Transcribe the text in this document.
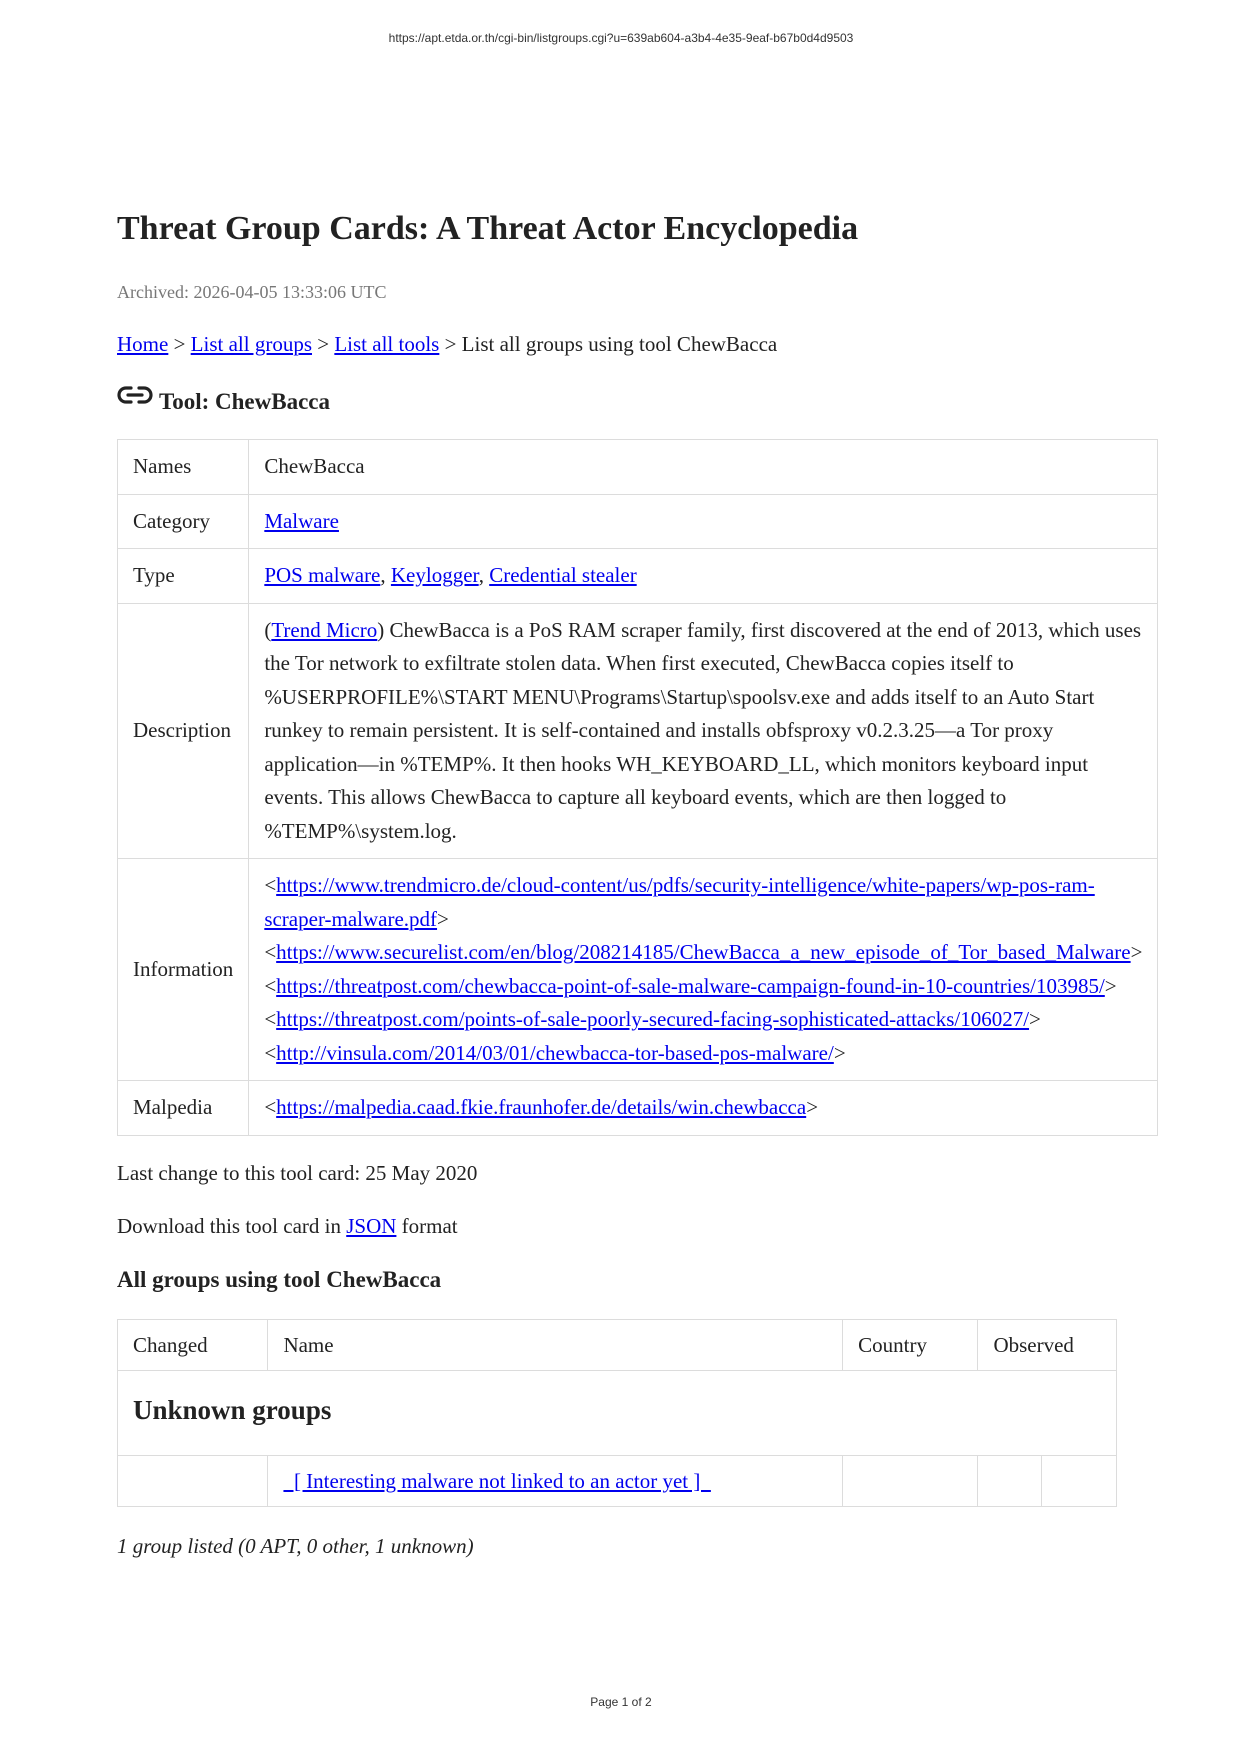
https://apt.etda.or.th/cgi-bin/listgroups.cgi?u=639ab604-a3b4-4e35-9eaf-b67b0d4d9503
Threat Group Cards: A Threat Actor Encyclopedia
Archived: 2026-04-05 13:33:06 UTC
Home > List all groups > List all tools > List all groups using tool ChewBacca
Tool: ChewBacca
Names	ChewBacca
Category	Malware
Type	POS malware, Keylogger, Credential stealer
Description	(Trend Micro) ChewBacca is a PoS RAM scraper family, first discovered at the end of 2013, which uses the Tor network to exfiltrate stolen data. When first executed, ChewBacca copies itself to %USERPROFILE%\START MENU\Programs\Startup\spoolsv.exe and adds itself to an Auto Start runkey to remain persistent. It is self-contained and installs obfsproxy v0.2.3.25—a Tor proxy application—in %TEMP%. It then hooks WH_KEYBOARD_LL, which monitors keyboard input events. This allows ChewBacca to capture all keyboard events, which are then logged to %TEMP%\system.log.
Information	<https://www.trendmicro.de/cloud-content/us/pdfs/security-intelligence/white-papers/wp-pos-ram-scraper-malware.pdf>
<https://www.securelist.com/en/blog/208214185/ChewBacca_a_new_episode_of_Tor_based_Malware>
<https://threatpost.com/chewbacca-point-of-sale-malware-campaign-found-in-10-countries/103985/>
<https://threatpost.com/points-of-sale-poorly-secured-facing-sophisticated-attacks/106027/>
<http://vinsula.com/2014/03/01/chewbacca-tor-based-pos-malware/>
Malpedia	<https://malpedia.caad.fkie.fraunhofer.de/details/win.chewbacca>
Last change to this tool card: 25 May 2020
Download this tool card in JSON format
All groups using tool ChewBacca
Changed	Name	Country	Observed	
Unknown groups				
	[ Interesting malware not linked to an actor yet ]			
1 group listed (0 APT, 0 other, 1 unknown)
Page 1 of 2
